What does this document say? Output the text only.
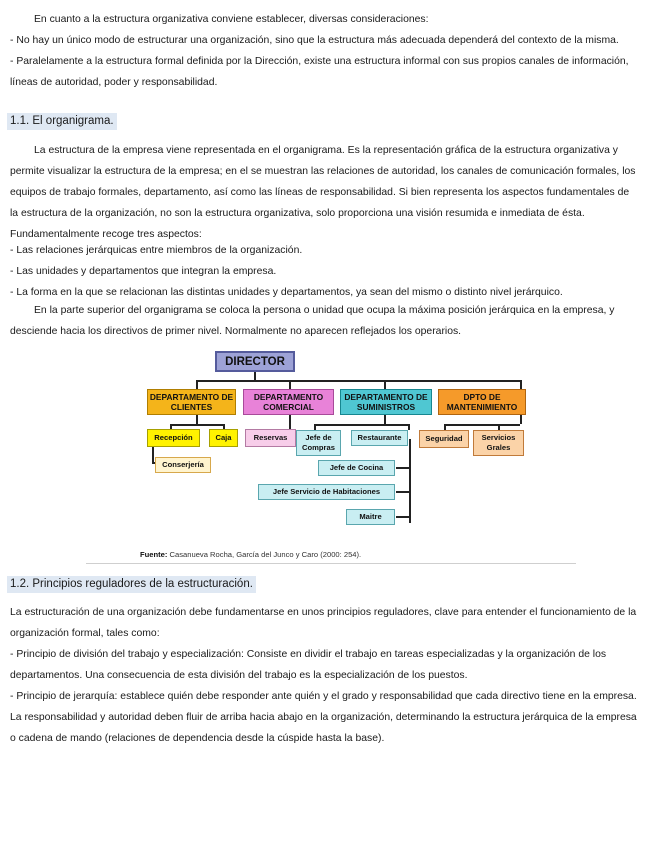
En cuanto a la estructura organizativa conviene establecer, diversas consideraciones:

- No hay un único modo de estructurar una organización, sino que la estructura más adecuada dependerá del contexto de la misma.

- Paralelamente a la estructura formal definida por la Dirección, existe una estructura informal con sus propios canales de información, líneas de autoridad, poder y responsabilidad.

1.1. El organigrama.

La estructura de la empresa viene representada en el organigrama. Es la representación gráfica de la estructura organizativa y permite visualizar la estructura de la empresa; en el se muestran las relaciones de autoridad, los canales de comunicación formales, los equipos de trabajo formales, departamento, así como las líneas de responsabilidad. Si bien representa los aspectos fundamentales de la estructura de la organización, no son la estructura organizativa, solo proporciona una visión resumida e inmediata de ésta.

Fundamentalmente recoge tres aspectos:

- Las relaciones jerárquicas entre miembros de la organización.

- Las unidades y departamentos que integran la empresa.

- La forma en la que se relacionan las distintas unidades y departamentos, ya sean del mismo o distinto nivel jerárquico.

En la parte superior del organigrama se coloca la persona o unidad que ocupa la máxima posición jerárquica en la empresa, y desciende hacia los directivos de primer nivel. Normalmente no aparecen reflejados los operarios.

DIRECTOR
DEPARTAMENTO DE CLIENTES
DEPARTAMENTO COMERCIAL
DEPARTAMENTO DE SUMINISTROS
DPTO DE MANTENIMIENTO
Recepción	Caja
Conserjería
Reservas	Jefe de Compras
Restaurante
Jefe de Cocina
Jefe Servicio de Habitaciones
Maitre
Seguridad	Servicios Grales
Fuente: Casanueva Rocha, García del Junco y Caro (2000: 254).
1.2. Principios reguladores de la estructuración.

La estructuración de una organización debe fundamentarse en unos principios reguladores, clave para entender el funcionamiento de la organización formal, tales como:

- Principio de división del trabajo y especialización: Consiste en dividir el trabajo en tareas especializadas y la organización de los departamentos. Una consecuencia de esta división del trabajo es la especialización de los puestos.

- Principio de jerarquía: establece quién debe responder ante quién y el grado y responsabilidad que cada directivo tiene en la empresa. La responsabilidad y autoridad deben fluir de arriba hacia abajo en la organización, determinando la estructura jerárquica de la empresa o cadena de mando (relaciones de dependencia desde la cúspide hasta la base).
